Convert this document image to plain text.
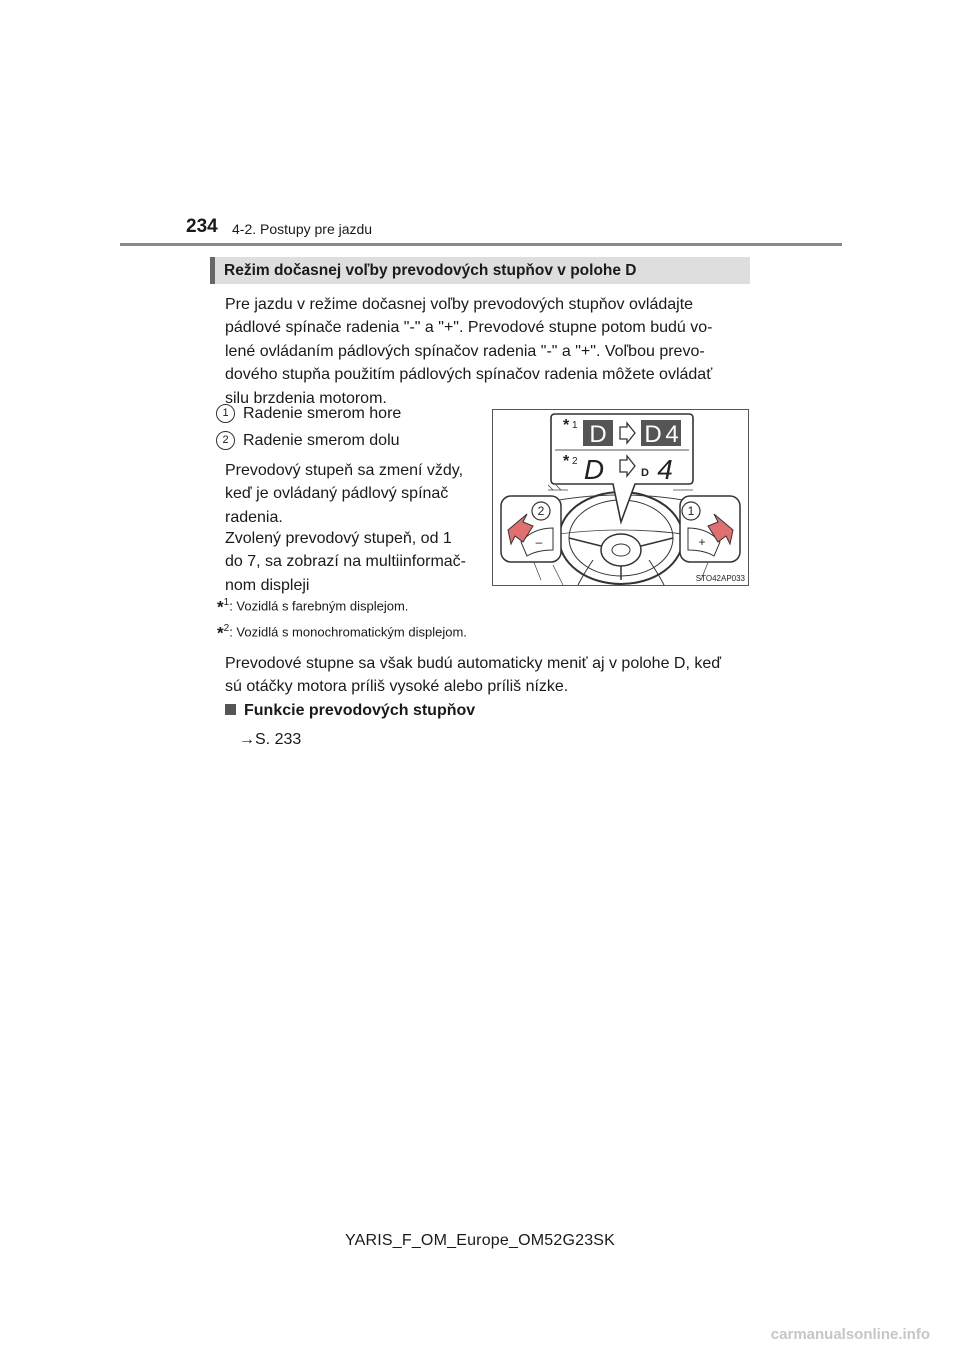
234 4-2. Postupy pre jazdu
Režim dočasnej voľby prevodových stupňov v polohe D
Pre jazdu v režime dočasnej voľby prevodových stupňov ovládajte
pádlové spínače radenia "-" a "+". Prevodové stupne potom budú vo-
lené ovládaním pádlových spínačov radenia "-" a "+". Voľbou prevo-
dového stupňa použitím pádlových spínačov radenia môžete ovládať
silu brzdenia motorom.
1 Radenie smerom hore
2 Radenie smerom dolu
Prevodový stupeň sa zmení vždy,
keď je ovládaný pádlový spínač
radenia.
Zvolený prevodový stupeň, od 1
do 7, sa zobrazí na multiinformač-
nom displeji
D D 4
D	D 4
* 1
* 2
–
2
+
1
STO42AP033
*$^1$: Vozidlá s farebným displejom.
*$^2$: Vozidlá s monochromatickým displejom.
Prevodové stupne sa však budú automaticky meniť aj v polohe D, keď
sú otáčky motora príliš vysoké alebo príliš nízke.
Funkcie prevodových stupňov
→S. 233
YARIS_F_OM_Europe_OM52G23SK
carmanualsonline.info
